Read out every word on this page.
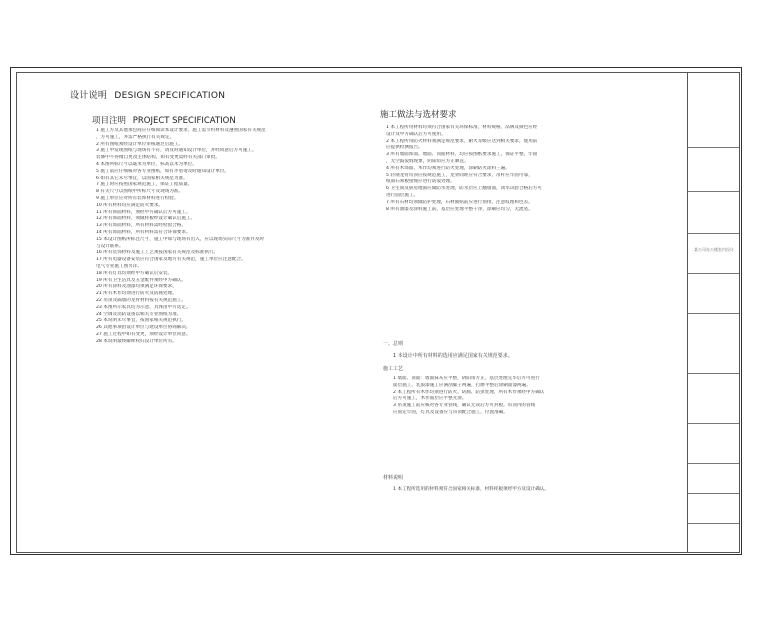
某公司办公楼室内设计
设计说明 DESIGN SPECIFICATION
项目注明 PROJECT SPECIFICATION
1 施工方及其他承包商应仔细阅读本设计要求，施工需节约材料及遵照国家有关规范
，方可施工，并需严格执行有关规定。
2 所有图纸须经设计单位审核通过后施工。
3 施工中发现图纸与现场有不符，请及时通知设计单位，并经同意后方可施工。
装修中不得擅自更改主体结构，如有变更需经有关部门审批。
4 本图所标尺寸以毫米为单位，标高以米为单位。
5 施工前应仔细核对各专业图纸，如有矛盾请及时通知设计单位。
6 如有其它未尽事宜，以国家相关规范为准。
7 施工时应按照国家规范施工，保证工程质量。
8 有关尺寸以图纸中所标尺寸及现场为准。
9 施工单位应对所有装饰材料进行检验。
10 所有材料均应满足防火要求。
11 所有饰面材料，须经甲方确认后方可施工。
12 所有饰面材料，须做样板经设计确认后施工。
13 所有饰面材料，所有材料需经检验合格。
14 所有饰面材料，所有材料需符合环保要求。
15 本设计图纸所标注尺寸，施工中如与现场有出入，应以现场实际尺寸为准并及时
与设计联系。
16 所有装饰材料及施工工艺须按国家有关规范及标准执行。
17 所有电器设备安装应符合国家及地方有关规范，施工单位应注意配合。
电气专业施工图另详。
18 所有灯具均须经甲方确认后安装。
19 所有卫生洁具及五金配件须经甲方确认。
20 所有涂料及油漆均须满足环保要求。
21 所有木作均须进行防火及防腐处理。
22 吊顶及隔墙的龙骨材料按有关规范施工。
23 本图所示家具均为示意，具体由甲方选定。
24 空调及消防设备以相关专业图纸为准。
25 本说明未尽事宜，按国家相关规范执行。
26 其他事项由设计单位与建设单位协商解决。
27 施工过程中如有变更，须经设计单位同意。
28 本说明最终解释权归设计单位所有。
施工做法与选材要求
1 本工程所用材料均须符合国家有关环保标准，材料规格、品牌及颜色应经
设计及甲方确认后方可使用。
2 本工程所用防火材料须满足规范要求，耐火等级应达到相关要求，使用前
应提供检测报告。
3 所有墙面饰面、地面、顶面材料，均应按图纸要求施工，保证平整、牢固
，无空鼓裂缝现象，阴阳角应方正顺直。
4 所有木饰面、木作均须进行防火处理，涂刷防火涂料三遍。
5 轻钢龙骨吊顶应按规范施工，龙骨间距应符合要求，吊杆应牢固可靠，
纸面石膏板接缝应进行防裂处理。
6 卫生间及厨房地面应做防水处理，防水层应上翻墙面，闭水试验合格后方可
进行面层施工。
7 所有石材均须做防护处理，石材铺贴前应进行预排，注意纹理和色差。
8 所有油漆及涂料施工前，基层应处理平整干净，涂刷应均匀，无流坠。
一、总则
1 本设计中所有材料的选用应满足国家有关规范要求。
施工工艺
1 墙面、顶面：墙面抹灰应平整，阴阳角方正，基层处理完毕后方可进行
面层施工，乳胶漆施工应满刮腻子两遍，打磨平整后涂刷面漆两遍。
2 本工程所有木作均须进行防火、防腐、防虫处理，所有木作须经甲方确认
后方可施工，木作面层应平整光滑。
3 吊顶施工前应核对各专业管线，确认无误后方可封板。吊顶内的管线
应固定牢固，灯具及设备应与吊顶配合施工，位置准确。
材料说明
1 本工程所选用的材料须符合国家相关标准，材料样板须经甲方及设计确认。
